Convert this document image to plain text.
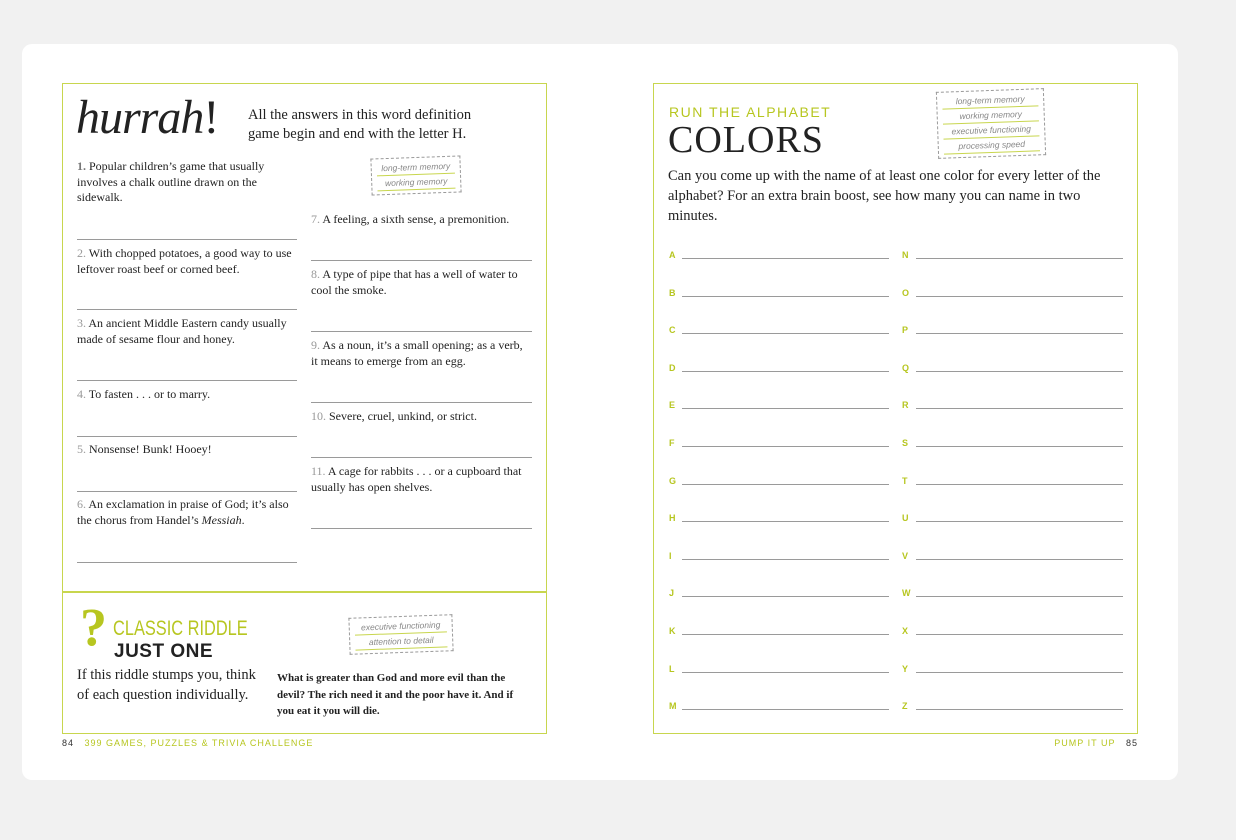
hurrah! All the answers in this word definition game begin and end with the letter H.
long-term memory
working memory
1. Popular children’s game that usually involves a chalk outline drawn on the sidewalk.
2. With chopped potatoes, a good way to use leftover roast beef or corned beef.
3. An ancient Middle Eastern candy usually made of sesame flour and honey.
4. To fasten . . . or to marry.
5. Nonsense! Bunk! Hooey!
6. An exclamation in praise of God; it’s also the chorus from Handel’s Messiah.
7. A feeling, a sixth sense, a premonition.
8. A type of pipe that has a well of water to cool the smoke.
9. As a noun, it’s a small opening; as a verb, it means to emerge from an egg.
10. Severe, cruel, unkind, or strict.
11. A cage for rabbits . . . or a cupboard that usually has open shelves.
? CLASSIC RIDDLE
JUST ONE
executive functioning
attention to detail
If this riddle stumps you, think of each question individually.
What is greater than God and more evil than the devil? The rich need it and the poor have it. And if you eat it you will die.
84 399 GAMES, PUZZLES & TRIVIA CHALLENGE
RUN THE ALPHABET
COLORS
long-term memory
working memory
executive functioning
processing speed
Can you come up with the name of at least one color for every letter of the alphabet? For an extra brain boost, see how many you can name in two minutes.
A
B
C
D
E
F
G
H
I
J
K
L
M
N
O
P
Q
R
S
T
U
V
W
X
Y
Z
PUMP IT UP 85
